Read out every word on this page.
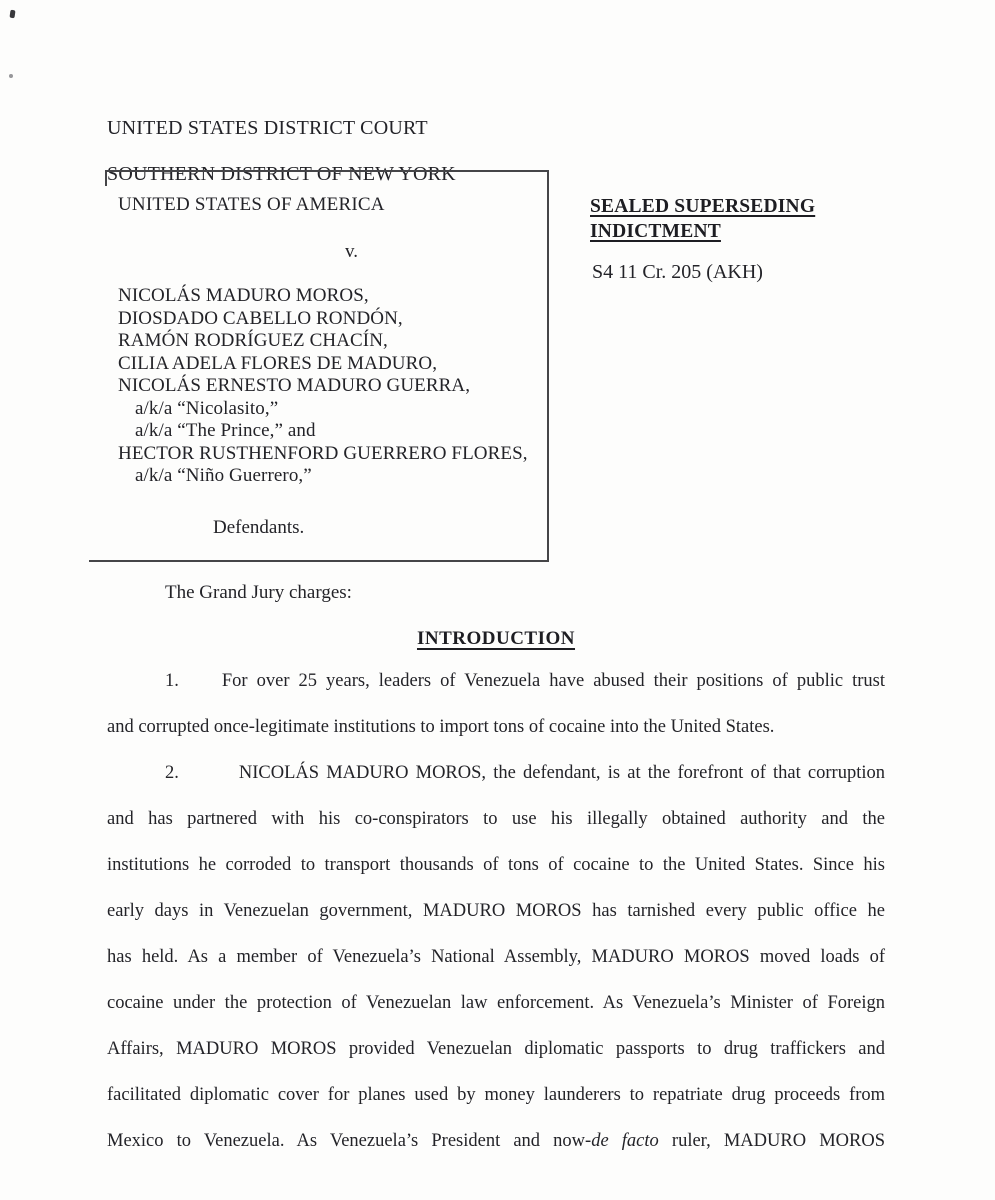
UNITED STATES DISTRICT COURT

SOUTHERN DISTRICT OF NEW YORK

UNITED STATES OF AMERICA
v.
NICOLÁS MADURO MOROS,
DIOSDADO CABELLO RONDÓN,
RAMÓN RODRÍGUEZ CHACÍN,
CILIA ADELA FLORES DE MADURO,
NICOLÁS ERNESTO MADURO GUERRA,
a/k/a “Nicolasito,”
a/k/a “The Prince,” and
HECTOR RUSTHENFORD GUERRERO FLORES,
a/k/a “Niño Guerrero,”
Defendants.
SEALED SUPERSEDING
INDICTMENT
S4 11 Cr. 205 (AKH)
The Grand Jury charges:
INTRODUCTION
1. For over 25 years, leaders of Venezuela have abused their positions of public trust
and corrupted once-legitimate institutions to import tons of cocaine into the United States.
2.	NICOLÁS MADURO MOROS, the defendant, is at the forefront of that corruption
and has partnered with his co-conspirators to use his illegally obtained authority and the
institutions he corroded to transport thousands of tons of cocaine to the United States. Since his
early days in Venezuelan government, MADURO MOROS has tarnished every public office he
has held. As a member of Venezuela’s National Assembly, MADURO MOROS moved loads of
cocaine under the protection of Venezuelan law enforcement. As Venezuela’s Minister of Foreign
Affairs, MADURO MOROS provided Venezuelan diplomatic passports to drug traffickers and
facilitated diplomatic cover for planes used by money launderers to repatriate drug proceeds from
Mexico to Venezuela. As Venezuela’s President and now-de facto ruler, MADURO MOROS
